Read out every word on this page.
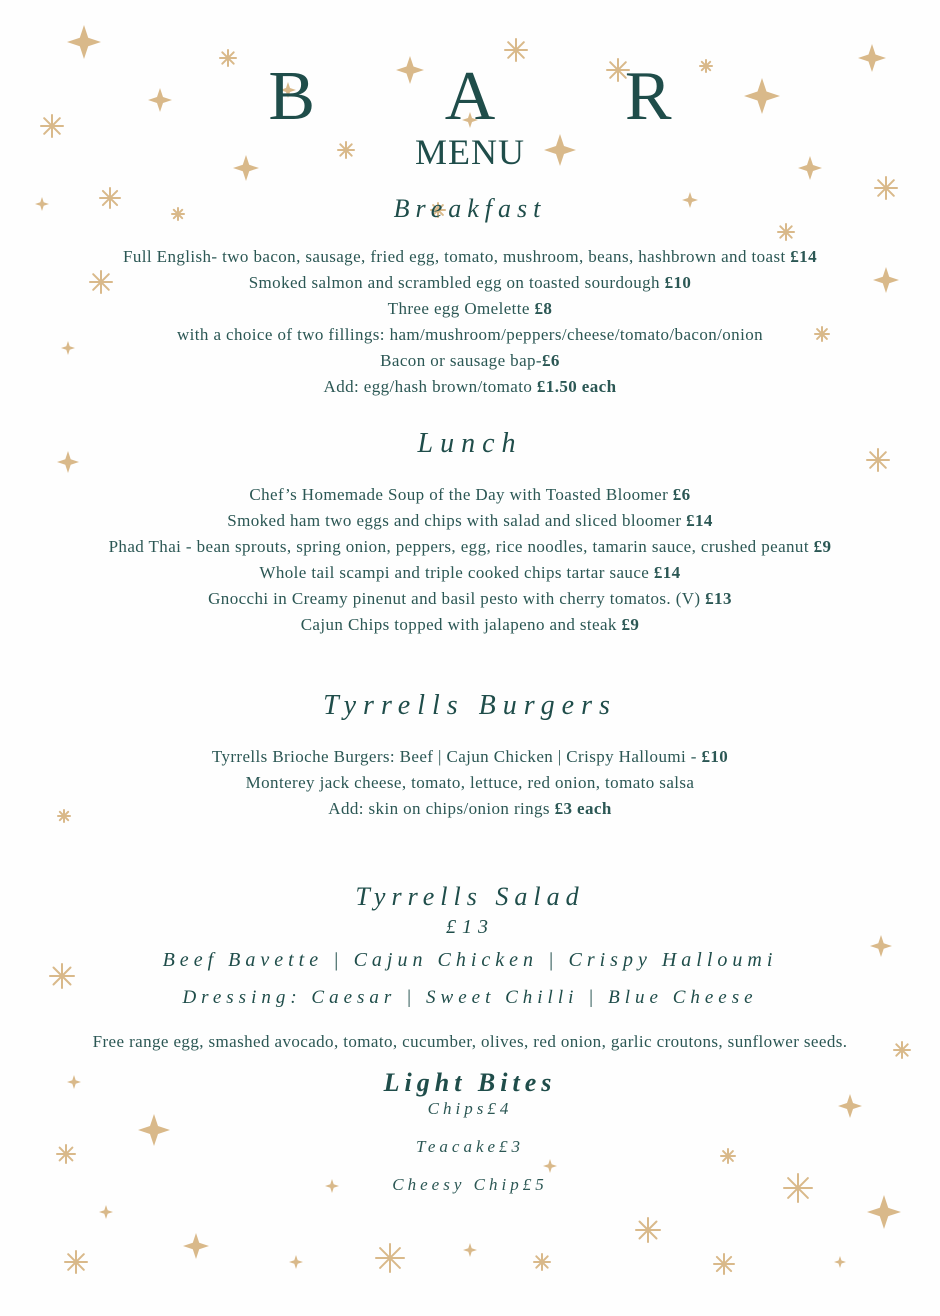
B A R
MENU
Breakfast
Full English- two bacon, sausage, fried egg, tomato, mushroom, beans, hashbrown and toast £14
Smoked salmon and scrambled egg on toasted sourdough £10
Three egg Omelette £8
with a choice of two fillings: ham/mushroom/peppers/cheese/tomato/bacon/onion
Bacon or sausage bap-£6
Add: egg/hash brown/tomato £1.50 each
Lunch
Chef’s Homemade Soup of the Day with Toasted Bloomer £6
Smoked ham two eggs and chips with salad and sliced bloomer £14
Phad Thai - bean sprouts, spring onion, peppers, egg, rice noodles, tamarin sauce, crushed peanut £9
Whole tail scampi and triple cooked chips tartar sauce £14
Gnocchi in Creamy pinenut and basil pesto with cherry tomatos. (V) £13
Cajun Chips topped with jalapeno and steak £9
Tyrrells Burgers
Tyrrells Brioche Burgers: Beef | Cajun Chicken | Crispy Halloumi - £10
Monterey jack cheese, tomato, lettuce, red onion, tomato salsa
Add: skin on chips/onion rings £3 each
Tyrrells Salad
£13
Beef Bavette | Cajun Chicken | Crispy Halloumi
Dressing: Caesar | Sweet Chilli | Blue Cheese
Free range egg, smashed avocado, tomato, cucumber, olives, red onion, garlic croutons, sunflower seeds.
Light Bites
Chips£4
Teacake£3
Cheesy Chip£5
